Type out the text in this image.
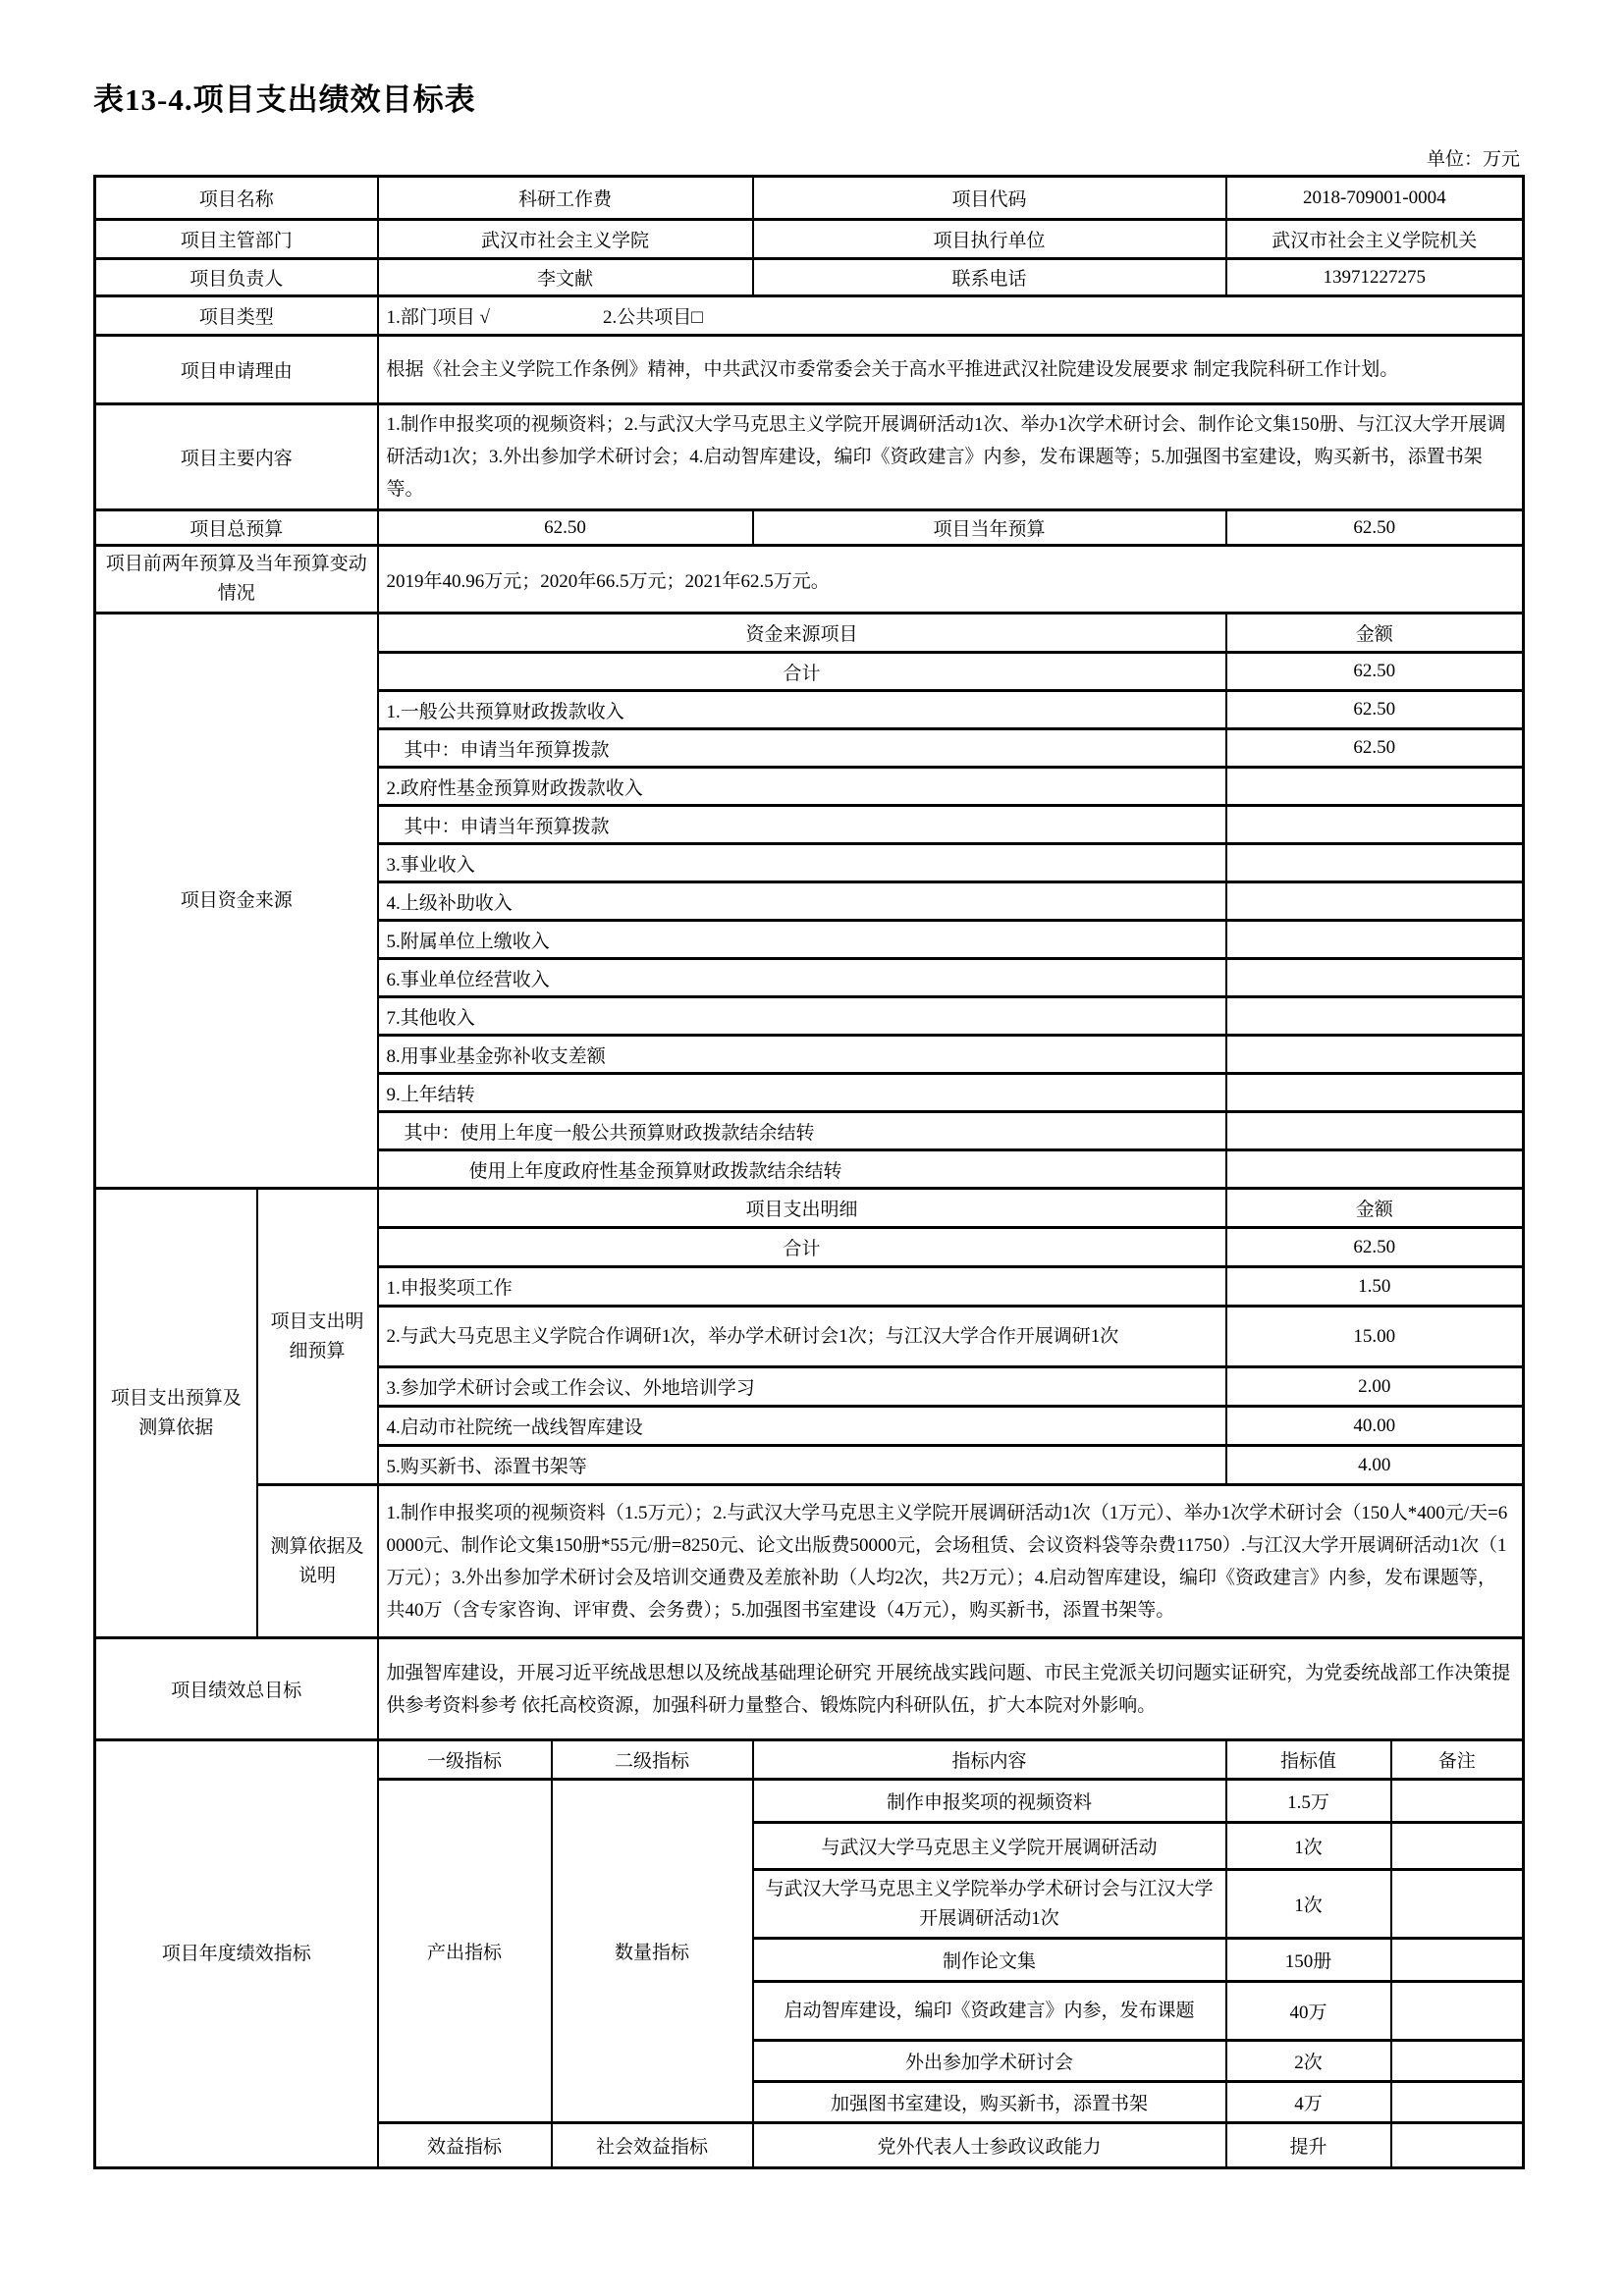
表13-4.项目支出绩效目标表
单位：万元
项目名称		科研工作费		项目代码	2018-709001-0004	
项目主管部门		武汉市社会主义学院		项目执行单位	武汉市社会主义学院机关	
项目负责人		李文献		联系电话	13971227275	
项目类型		1.部门项目 √ 2.公共项目□				
项目申请理由		根据《社会主义学院工作条例》精神，中共武汉市委常委会关于高水平推进武汉社院建设发展要求 制定我院科研工作计划。				
项目主要内容		1.制作申报奖项的视频资料；2.与武汉大学马克思主义学院开展调研活动1次、举办1次学术研讨会、制作论文集150册、与江汉大学开展调研活动1次；3.外出参加学术研讨会；4.启动智库建设，编印《资政建言》内参，发布课题等；5.加强图书室建设，购买新书，添置书架等。				
项目总预算		62.50		项目当年预算	62.50	
项目前两年预算及当年预算变动情况		2019年40.96万元；2020年66.5万元；2021年62.5万元。				
项目资金来源		资金来源项目			金额	
		合计			62.50	
		1.一般公共预算财政拨款收入			62.50	
		其中：申请当年预算拨款			62.50	
		2.政府性基金预算财政拨款收入				
		其中：申请当年预算拨款				
		3.事业收入				
		4.上级补助收入				
		5.附属单位上缴收入				
		6.事业单位经营收入				
		7.其他收入				
		8.用事业基金弥补收支差额				
		9.上年结转				
		其中：使用上年度一般公共预算财政拨款结余结转				
		使用上年度政府性基金预算财政拨款结余结转				
项目支出预算及测算依据	项目支出明细预算	项目支出明细			金额	
		合计			62.50	
		1.申报奖项工作			1.50	
		2.与武大马克思主义学院合作调研1次，举办学术研讨会1次；与江汉大学合作开展调研1次			15.00	
		3.参加学术研讨会或工作会议、外地培训学习			2.00	
		4.启动市社院统一战线智库建设			40.00	
		5.购买新书、添置书架等			4.00	
	测算依据及说明	1.制作申报奖项的视频资料（1.5万元）；2.与武汉大学马克思主义学院开展调研活动1次（1万元）、举办1次学术研讨会（150人*400元/天=60000元、制作论文集150册*55元/册=8250元、论文出版费50000元，会场租赁、会议资料袋等杂费11750）.与江汉大学开展调研活动1次（1万元）；3.外出参加学术研讨会及培训交通费及差旅补助（人均2次，共2万元）；4.启动智库建设，编印《资政建言》内参，发布课题等，共40万（含专家咨询、评审费、会务费）；5.加强图书室建设（4万元），购买新书，添置书架等。				
项目绩效总目标		加强智库建设，开展习近平统战思想以及统战基础理论研究 开展统战实践问题、市民主党派关切问题实证研究，为党委统战部工作决策提供参考资料参考 依托高校资源，加强科研力量整合、锻炼院内科研队伍，扩大本院对外影响。				
项目年度绩效指标		一级指标	二级指标	指标内容	指标值	备注
		产出指标	数量指标	制作申报奖项的视频资料	1.5万	
				与武汉大学马克思主义学院开展调研活动	1次	
				与武汉大学马克思主义学院举办学术研讨会与江汉大学开展调研活动1次	1次	
				制作论文集	150册	
				启动智库建设，编印《资政建言》内参，发布课题	40万	
				外出参加学术研讨会	2次	
				加强图书室建设，购买新书，添置书架	4万	
		效益指标	社会效益指标	党外代表人士参政议政能力	提升	
